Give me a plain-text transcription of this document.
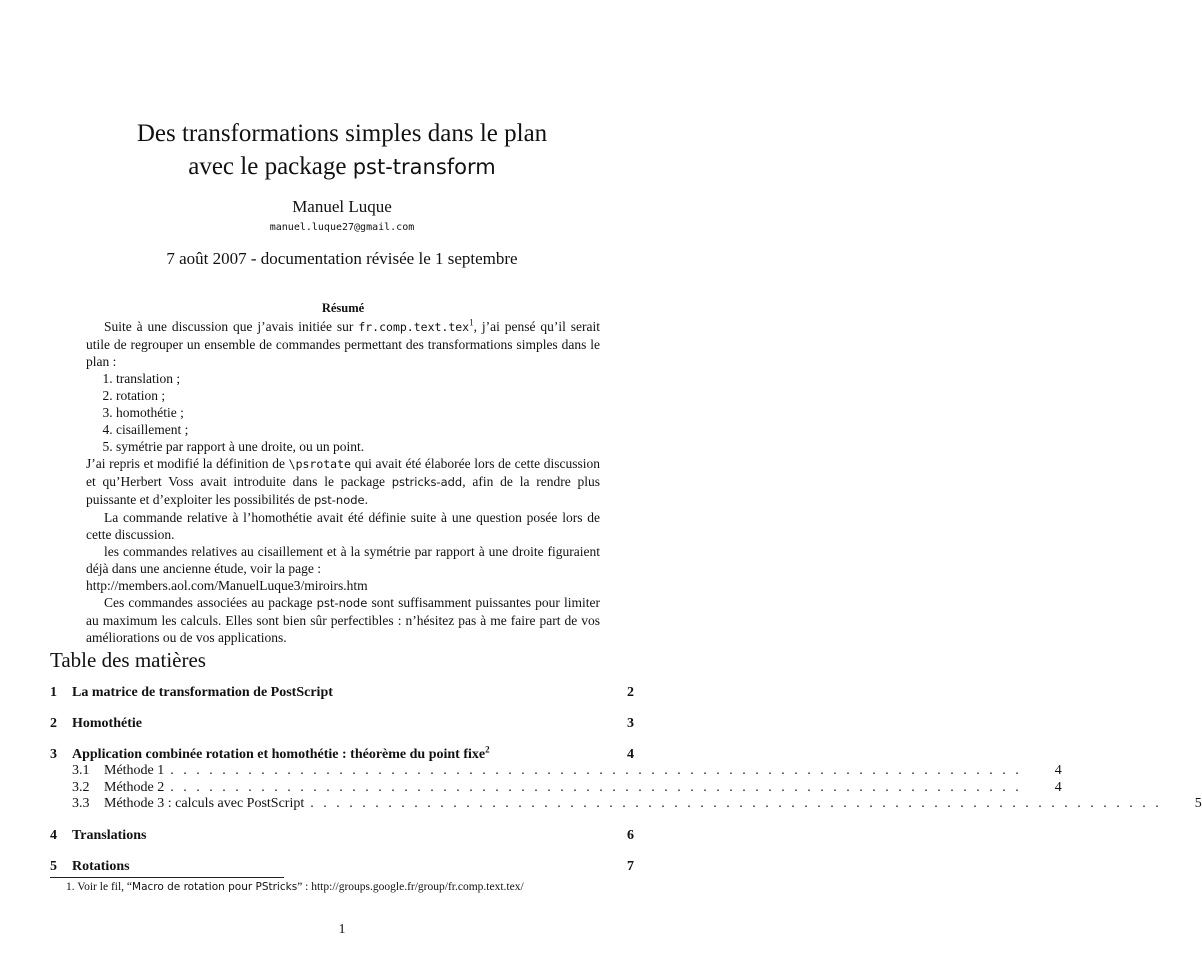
Des transformations simples dans le plan
avec le package pst-transform
Manuel Luque
manuel.luque27@gmail.com
7 août 2007 - documentation révisée le 1 septembre
Résumé

Suite à une discussion que j’avais initiée sur fr.comp.text.tex$^1$, j’ai pensé qu’il serait utile de regrouper un ensemble de commandes permettant des transformations simples dans le plan :

1. translation ;
2. rotation ;
3. homothétie ;
4. cisaillement ;
5. symétrie par rapport à une droite, ou un point.

J’ai repris et modifié la définition de \psrotate qui avait été élaborée lors de cette discussion et qu’Herbert Voss avait introduite dans le package pstricks-add, afin de la rendre plus puissante et d’exploiter les possibilités de pst-node.

La commande relative à l’homothétie avait été définie suite à une question posée lors de cette discussion.

les commandes relatives au cisaillement et à la symétrie par rapport à une droite figuraient déjà dans une ancienne étude, voir la page :

http://members.aol.com/ManuelLuque3/miroirs.htm

Ces commandes associées au package pst-node sont suffisamment puissantes pour limiter au maximum les calculs. Elles sont bien sûr perfectibles : n’hésitez pas à me faire part de vos améliorations ou de vos applications.

Table des matières
1	La matrice de transformation de PostScript	2
2	Homothétie	3
3	Application combinée rotation et homothétie : théorème du point fixe$^2$	4
3.1	Méthode 1 . . . . . . . . . . . . . . . . . . . . . . . . . . . . . . . . . . . . . . . . . . . . . . . . . . . . . . . . . . . . . . . . . .	4
3.2	Méthode 2 . . . . . . . . . . . . . . . . . . . . . . . . . . . . . . . . . . . . . . . . . . . . . . . . . . . . . . . . . . . . . . . . . .	4
3.3	Méthode 3 : calculs avec PostScript . . . . . . . . . . . . . . . . . . . . . . . . . . . . . . . . . . . . . . . . . . . . . . . . . . . . . . . . . . . . . . . . . .	5
4	Translations	6
5	Rotations	7
1. Voir le fil, “Macro de rotation pour PStricks” : http://groups.google.fr/group/fr.comp.text.tex/
1
